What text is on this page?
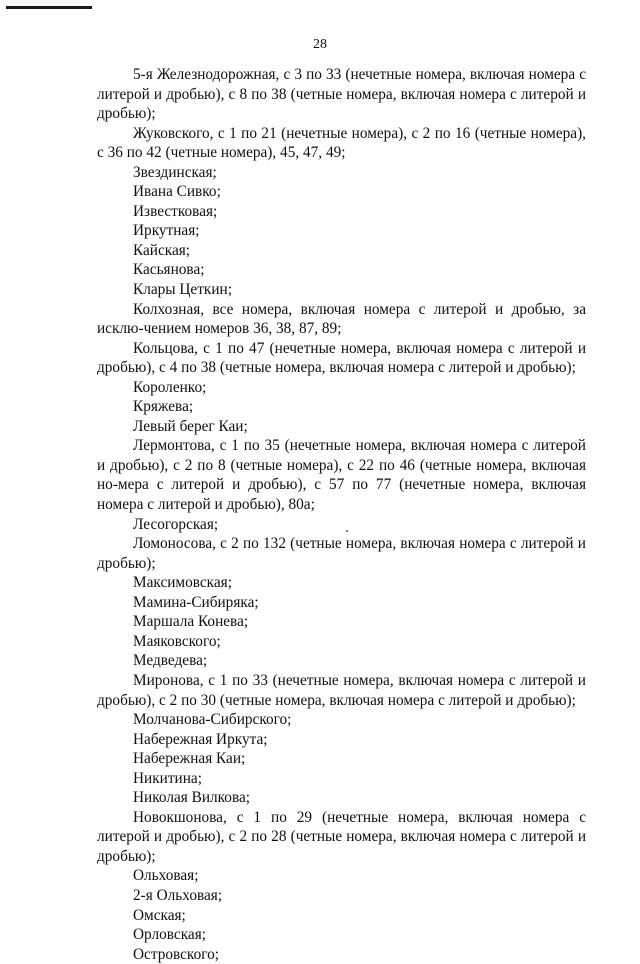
28

5-я Железнодорожная, с 3 по 33 (нечетные номера, включая номера с литерой и дробью), с 8 по 38 (четные номера, включая номера с литерой и дробью);

Жуковского, с 1 по 21 (нечетные номера), с 2 по 16 (четные номера), с 36 по 42 (четные номера), 45, 47, 49;

Звездинская;

Ивана Сивко;

Известковая;

Иркутная;

Кайская;

Касьянова;

Клары Цеткин;

Колхозная, все номера, включая номера с литерой и дробью, за исклю-чением номеров 36, 38, 87, 89;

Кольцова, с 1 по 47 (нечетные номера, включая номера с литерой и дробью), с 4 по 38 (четные номера, включая номера с литерой и дробью);

Короленко;

Кряжева;

Левый берег Каи;

Лермонтова, с 1 по 35 (нечетные номера, включая номера с литерой и дробью), с 2 по 8 (четные номера), с 22 по 46 (четные номера, включая но-мера с литерой и дробью), с 57 по 77 (нечетные номера, включая номера с литерой и дробью), 80а;

Лесогорская;

Ломоносова, с 2 по 132 (четные номера, включая номера с литерой и дробью);

Максимовская;

Мамина-Сибиряка;

Маршала Конева;

Маяковского;

Медведева;

Миронова, с 1 по 33 (нечетные номера, включая номера с литерой и дробью), с 2 по 30 (четные номера, включая номера с литерой и дробью);

Молчанова-Сибирского;

Набережная Иркута;

Набережная Каи;

Никитина;

Николая Вилкова;

Новокшонова, с 1 по 29 (нечетные номера, включая номера с литерой и дробью), с 2 по 28 (четные номера, включая номера с литерой и дробью);

Ольховая;

2-я Ольховая;

Омская;

Орловская;

Островского;
